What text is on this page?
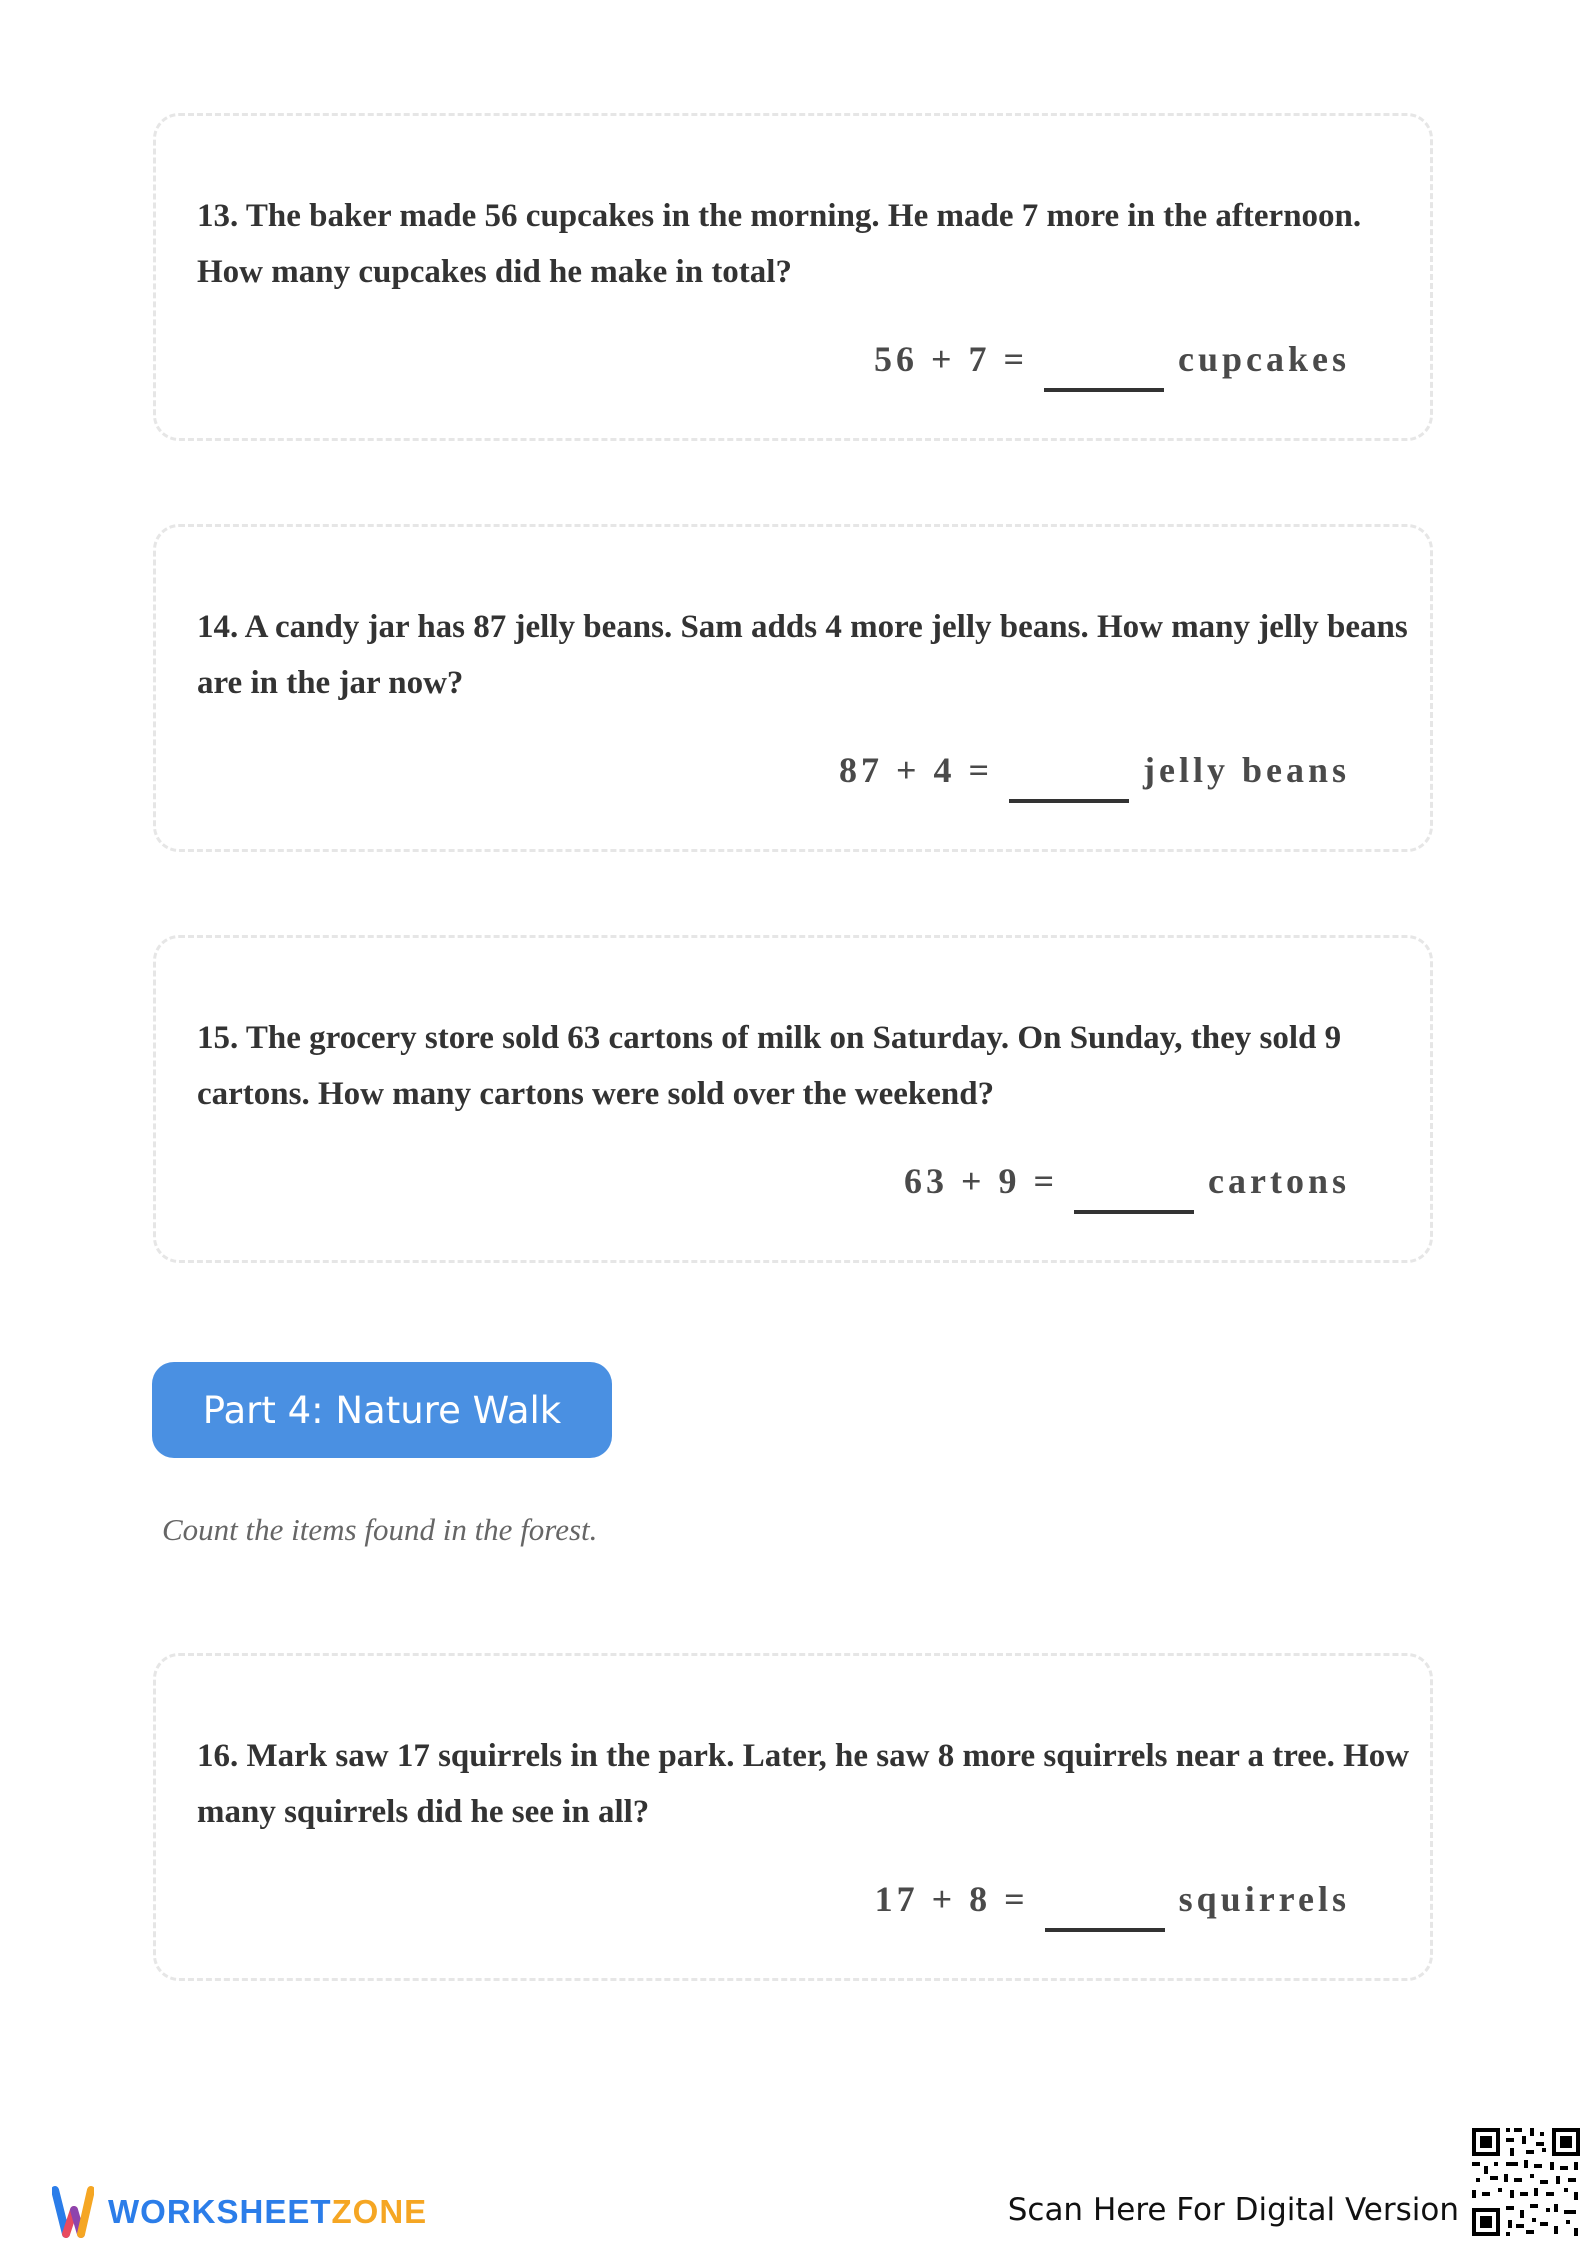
13. The baker made 56 cupcakes in the morning. He made 7 more in the afternoon. How many cupcakes did he make in total?

56 + 7 =	cupcakes

14. A candy jar has 87 jelly beans. Sam adds 4 more jelly beans. How many jelly beans are in the jar now?

87 + 4 =	jelly beans

15. The grocery store sold 63 cartons of milk on Saturday. On Sunday, they sold 9 cartons. How many cartons were sold over the weekend?

63 + 9 =	cartons
Part 4: Nature Walk
Count the items found in the forest.

16. Mark saw 17 squirrels in the park. Later, he saw 8 more squirrels near a tree. How many squirrels did he see in all?

17 + 8 =	squirrels
WORKSHEETZONE	Scan Here For Digital Version
